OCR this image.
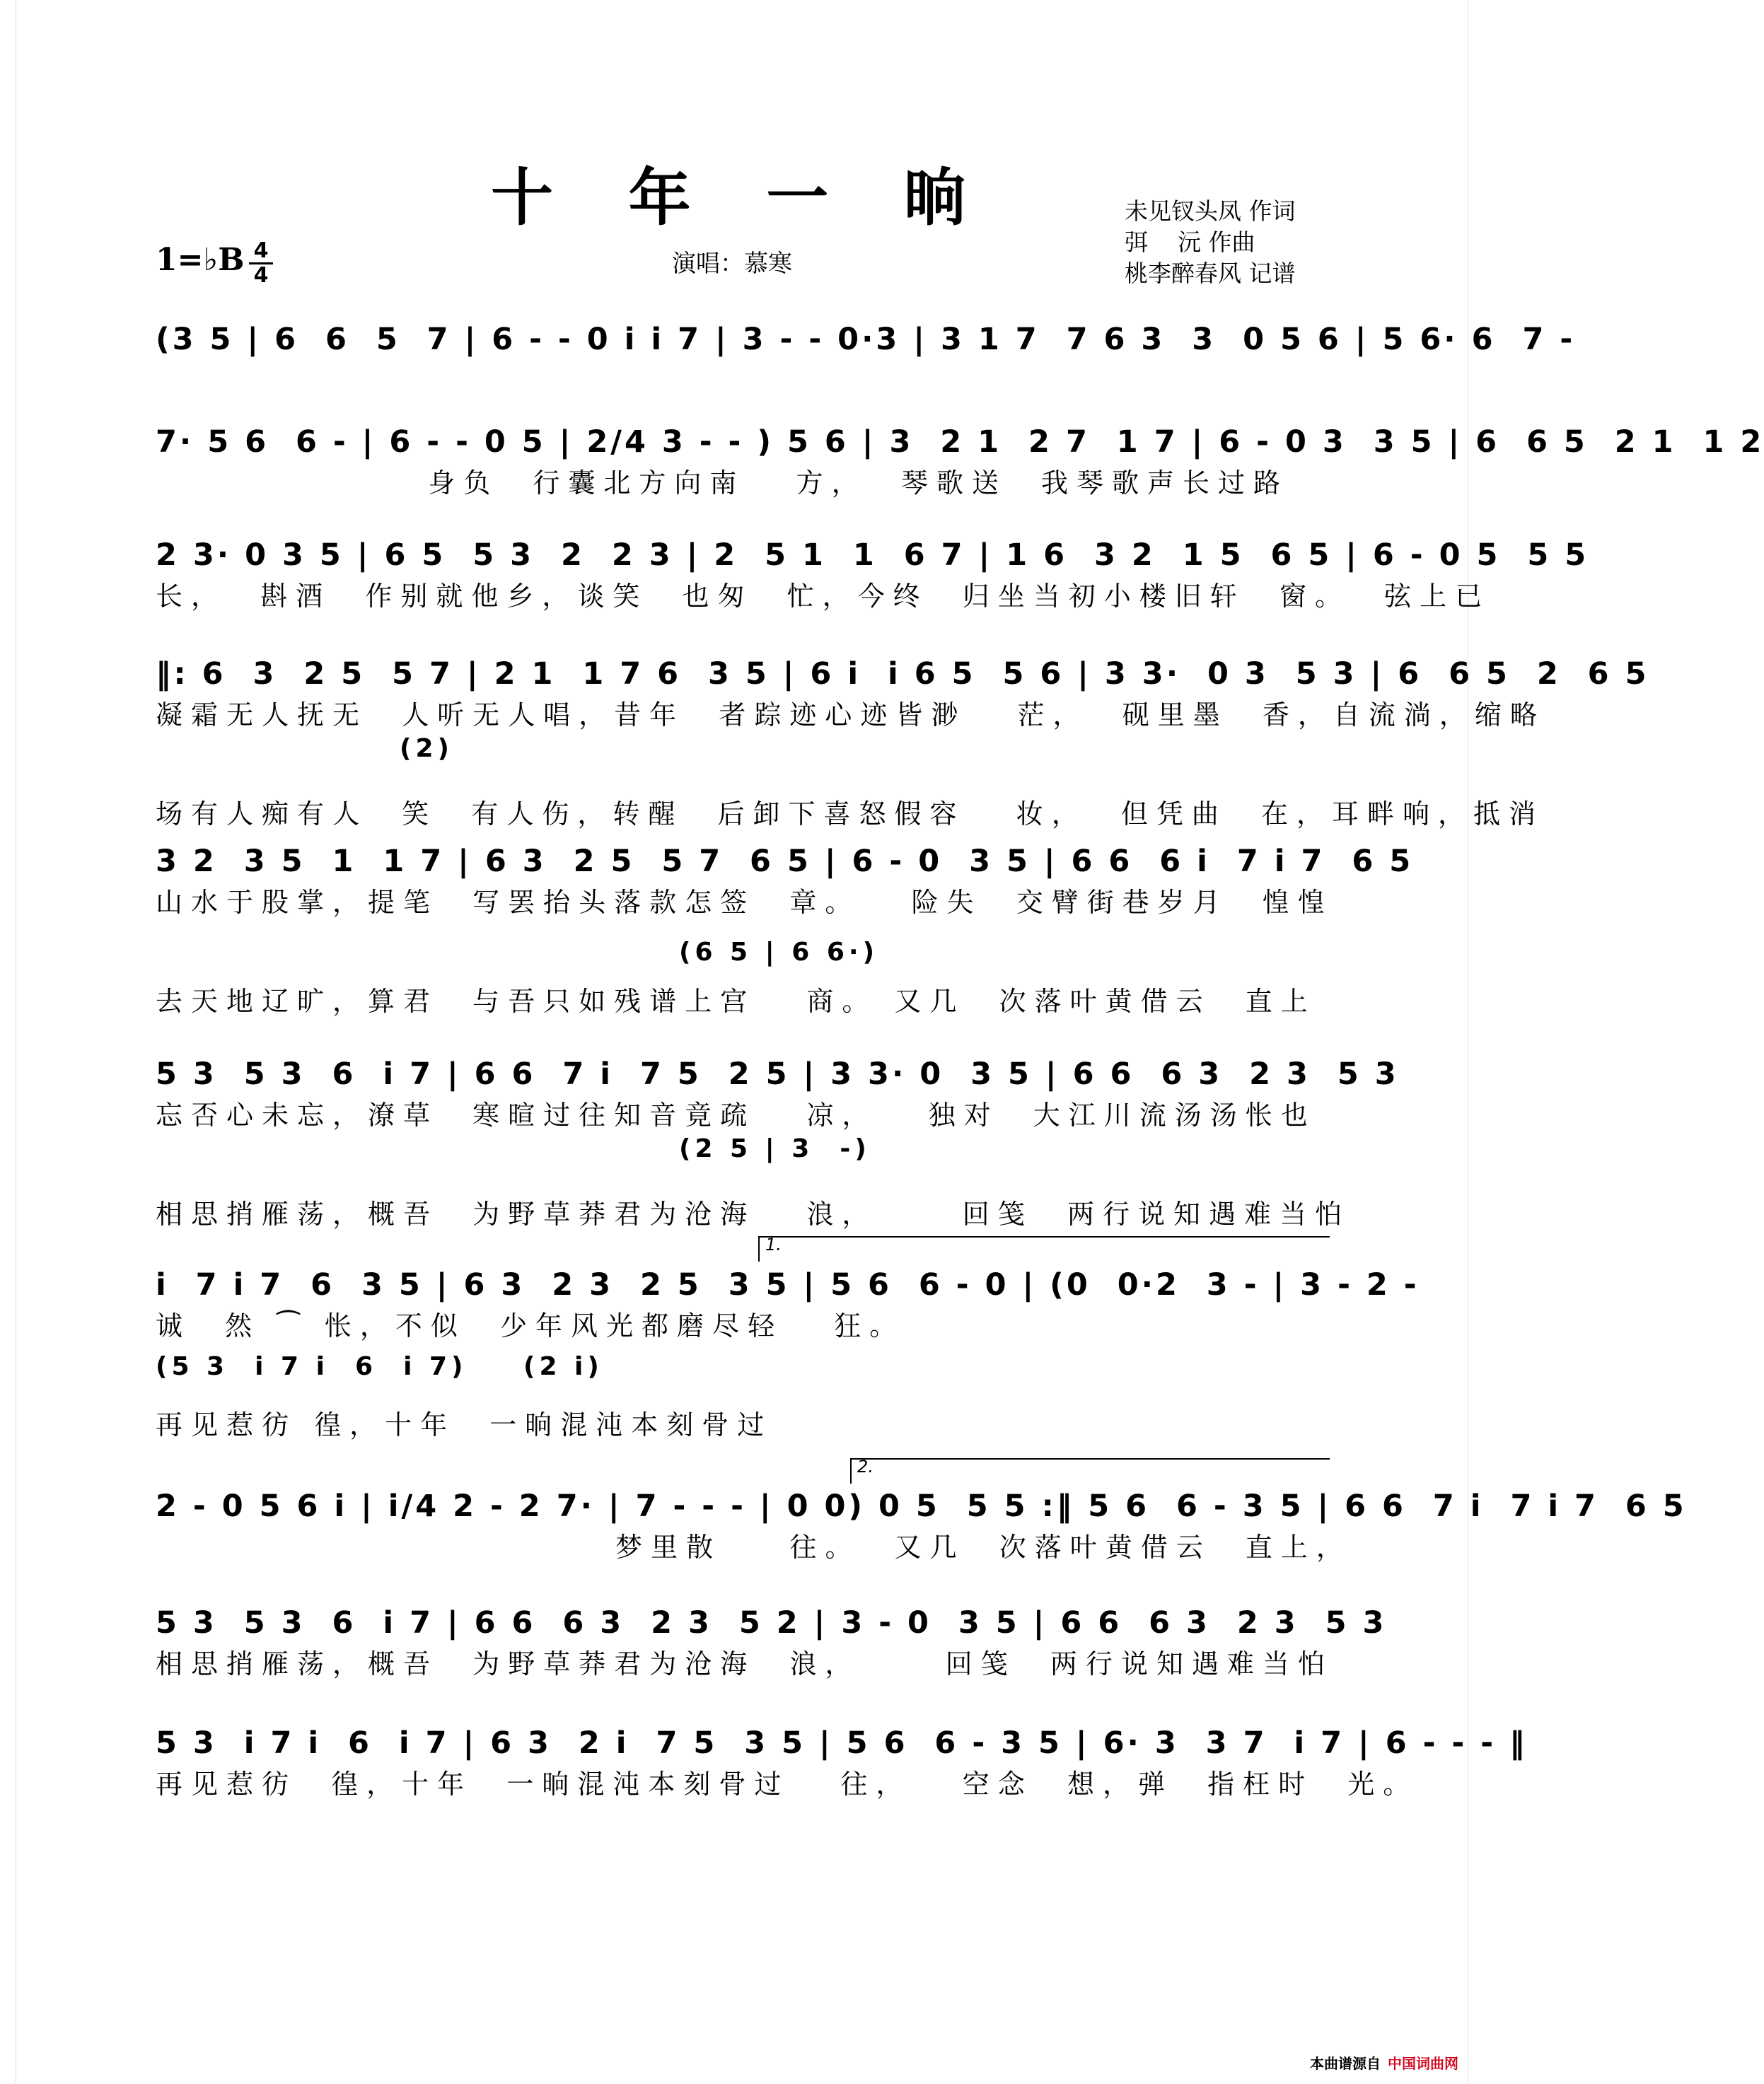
十 年 一 晌
1=♭B 4
4	演唱：慕寒
未见钗头凤 作词
弭    沅 作曲
桃李醉春风 记谱
(3 5 | 6  6  5  7 | 6 - - 0 i i 7 | 3 - - 0·3 | 3 1 7  7 6 3  3  0 5 6 | 5 6· 6  7 -
7· 5 6  6 - | 6 - - 0 5 | 2/4 3 - - ) 5 6 | 3  2 1  2 7  1 7 | 6 - 0 3  3 5 | 6  6 5  2 1  1 2
身负  行囊北方向南   方，  琴歌送  我琴歌声长过路
2 3· 0 3 5 | 6 5  5 3  2  2 3 | 2  5 1  1  6 7 | 1 6  3 2  1 5  6 5 | 6 - 0 5  5 5
长，  斟酒  作别就他乡，谈笑  也匆  忙，今终  归坐当初小楼旧轩  窗。  弦上已
‖: 6  3  2 5  5 7 | 2 1  1 7 6  3 5 | 6 i  i 6 5  5 6 | 3 3·  0 3  5 3 | 6  6 5  2  6 5
凝霜无人抚无  人听无人唱，昔年  者踪迹心迹皆渺   茫，  砚里墨  香，自流淌，缩略
场有人痴有人  笑  有人伤，转醒  后卸下喜怒假容   妆，  但凭曲  在，耳畔响，抵消
(2)
3 2  3 5  1  1 7 | 6 3  2 5  5 7  6 5 | 6 - 0  3 5 | 6 6  6 i  7 i 7  6 5
山水于股掌，提笔  写罢抬头落款怎签  章。   险失  交臂街巷岁月  惶惶
去天地辽旷，算君  与吾只如残谱上宫   商。 又几  次落叶黄借云  直上
(6 5 | 6 6·)
5 3  5 3  6  i 7 | 6 6  7 i  7 5  2 5 | 3 3· 0  3 5 | 6 6  6 3  2 3  5 3
忘否心未忘，潦草  寒暄过往知音竟疏   凉，   独对  大江川流汤汤怅也
相思捎雁荡，概吾  为野草莽君为沧海   浪，     回笺  两行说知遇难当怕
(2 5 | 3  -)
i  7 i 7  6  3 5 | 6 3  2 3  2 5  3 5 | 5 6  6 - 0 | (0  0·2  3 - | 3 - 2 -
诚  然 ⁀ 怅，不似  少年风光都磨尽轻   狂。
再见惹彷 徨，十年  一晌混沌本刻骨过
(5 3  i 7 i  6  i 7) (2 i)
2 - 0 5 6 i | i/4 2 - 2 7· | 7 - - - | 0 0) 0 5  5 5 :‖ 5 6  6 - 3 5 | 6 6  7 i  7 i 7  6 5
梦里散    往。  又几  次落叶黄借云  直上，
5 3  5 3  6  i 7 | 6 6  6 3  2 3  5 2 | 3 - 0  3 5 | 6 6  6 3  2 3  5 3
相思捎雁荡，概吾  为野草莽君为沧海  浪，     回笺  两行说知遇难当怕
5 3  i 7 i  6  i 7 | 6 3  2 i  7 5  3 5 | 5 6  6 - 3 5 | 6· 3  3 7  i 7 | 6 - - - ‖
再见惹彷  徨，十年  一晌混沌本刻骨过   往，   空念  想，弹  指枉时  光。
1.
2.
本曲谱源自 中国词曲网
